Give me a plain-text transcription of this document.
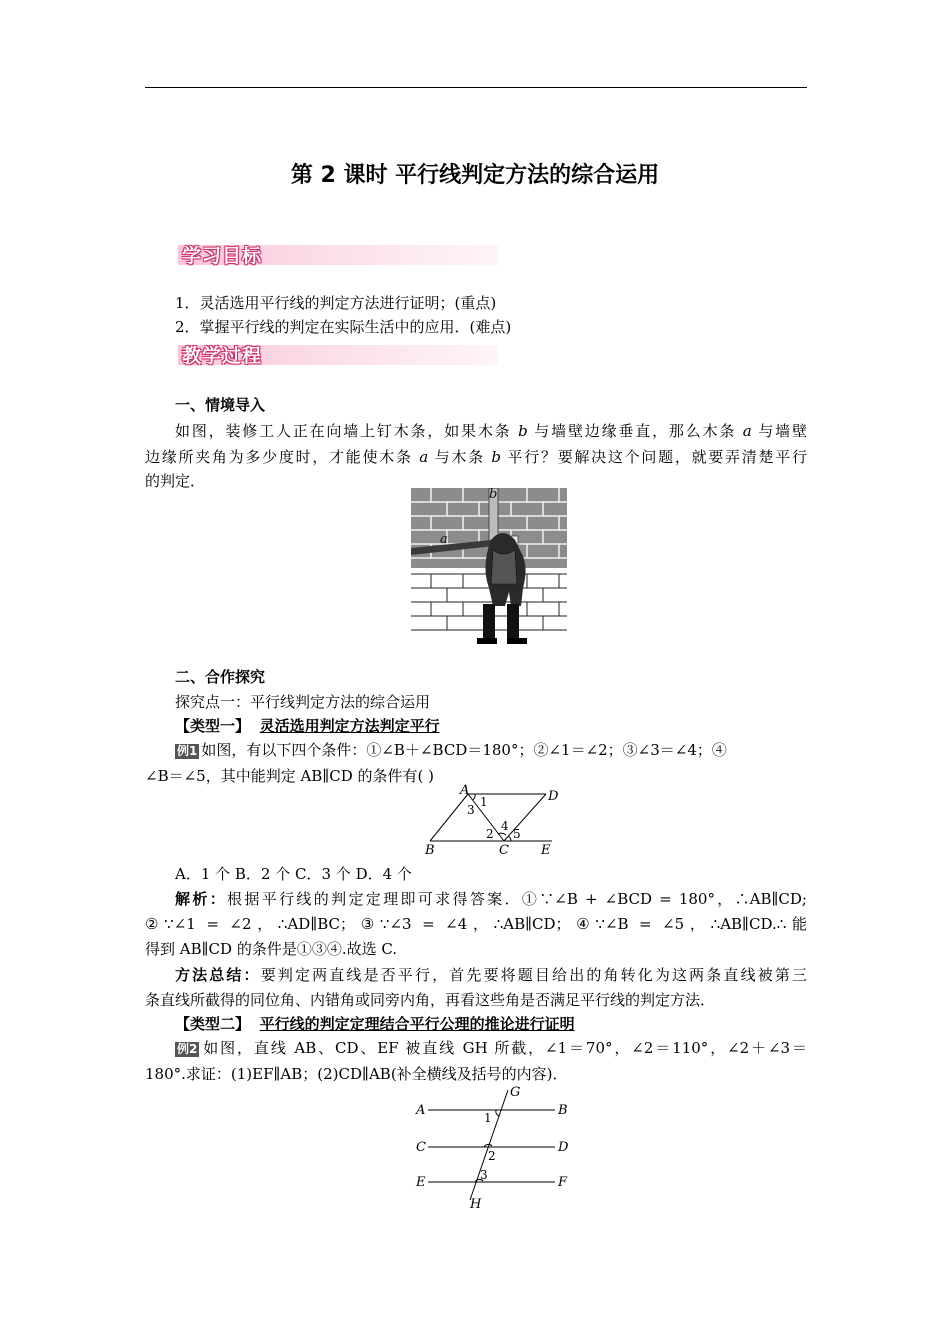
第 2 课时 平行线判定方法的综合运用
学习目标
1．灵活选用平行线的判定方法进行证明；(重点)
2．掌握平行线的判定在实际生活中的应用．(难点)
教学过程
一、情境导入
如图，装修工人正在向墙上钉木条，如果木条 b 与墙壁边缘垂直，那么木条 a 与墙壁
边缘所夹角为多少度时，才能使木条 a 与木条 b 平行？要解决这个问题，就要弄清楚平行
的判定．
a
b
二、合作探究
探究点一：平行线判定方法的综合运用
【类型一】 灵活选用判定方法判定平行
例1 如图，有以下四个条件：①∠B＋∠BCD＝180°；②∠1＝∠2；③∠3＝∠4；④
∠B＝∠5，其中能判定 AB∥CD 的条件有( )
A	D
B	C E
1
3
2
4
5
A．1 个 B．2 个 C．3 个 D．4 个
解析：根据平行线的判定定理即可求得答案．①∵∠B + ∠BCD = 180°，∴AB∥CD;
②∵∠1 = ∠2，∴AD∥BC；③∵∠3 = ∠4，∴AB∥CD；④∵∠B = ∠5，∴AB∥CD.∴能
得到 AB∥CD 的条件是①③④.故选 C.
方法总结：要判定两直线是否平行，首先要将题目给出的角转化为这两条直线被第三
条直线所截得的同位角、内错角或同旁内角，再看这些角是否满足平行线的判定方法．
【类型二】 平行线的判定定理结合平行公理的推论进行证明
例2 如图，直线 AB、CD、EF 被直线 GH 所截，∠1＝70°，∠2＝110°，∠2＋∠3＝
180°.求证：(1)EF∥AB；(2)CD∥AB(补全横线及括号的内容)．
A	B
C	D
E	F
G
H
1
2
3
